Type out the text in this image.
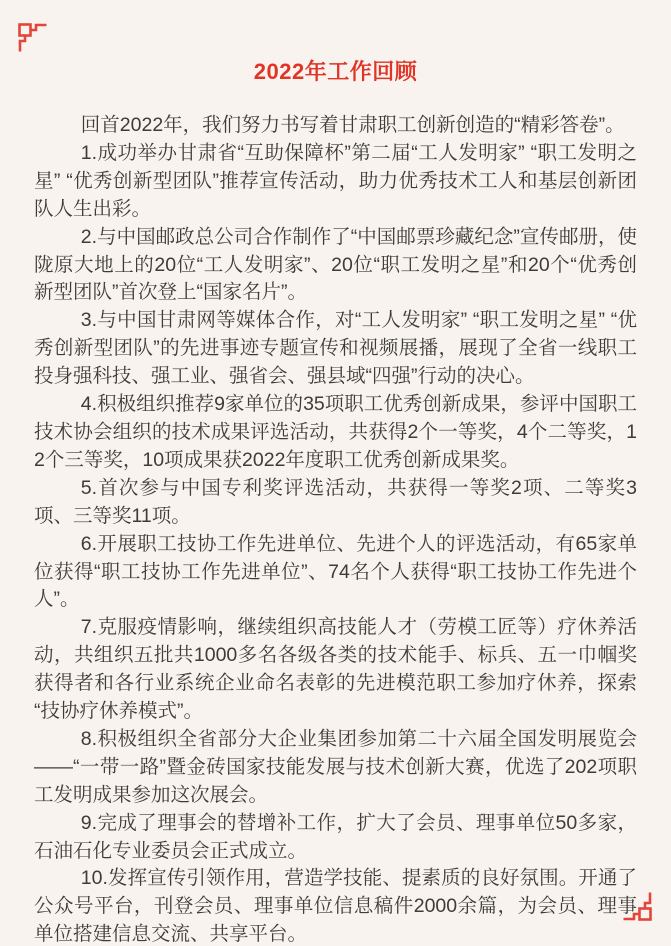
2022年工作回顾

回首2022年，我们努力书写着甘肃职工创新创造的“精彩答卷”。

1.成功举办甘肃省“互助保障杯”第二届“工人发明家” “职工发明之星” “优秀创新型团队”推荐宣传活动，助力优秀技术工人和基层创新团队人生出彩。

2.与中国邮政总公司合作制作了“中国邮票珍藏纪念”宣传邮册，使陇原大地上的20位“工人发明家”、20位“职工发明之星”和20个“优秀创新型团队”首次登上“国家名片”。

3.与中国甘肃网等媒体合作，对“工人发明家” “职工发明之星” “优秀创新型团队”的先进事迹专题宣传和视频展播，展现了全省一线职工投身强科技、强工业、强省会、强县域“四强”行动的决心。

4.积极组织推荐9家单位的35项职工优秀创新成果，参评中国职工技术协会组织的技术成果评选活动，共获得2个一等奖，4个二等奖，12个三等奖，10项成果获2022年度职工优秀创新成果奖。

5.首次参与中国专利奖评选活动，共获得一等奖2项、二等奖3项、三等奖11项。

6.开展职工技协工作先进单位、先进个人的评选活动，有65家单位获得“职工技协工作先进单位”、74名个人获得“职工技协工作先进个人”。

7.克服疫情影响，继续组织高技能人才（劳模工匠等）疗休养活动，共组织五批共1000多名各级各类的技术能手、标兵、五一巾帼奖获得者和各行业系统企业命名表彰的先进模范职工参加疗休养，探索“技协疗休养模式”。

8.积极组织全省部分大企业集团参加第二十六届全国发明展览会——“一带一路”暨金砖国家技能发展与技术创新大赛，优选了202项职工发明成果参加这次展会。

9.完成了理事会的替增补工作，扩大了会员、理事单位50多家，石油石化专业委员会正式成立。

10.发挥宣传引领作用，营造学技能、提素质的良好氛围。开通了公众号平台，刊登会员、理事单位信息稿件2000余篇，为会员、理事单位搭建信息交流、共享平台。
